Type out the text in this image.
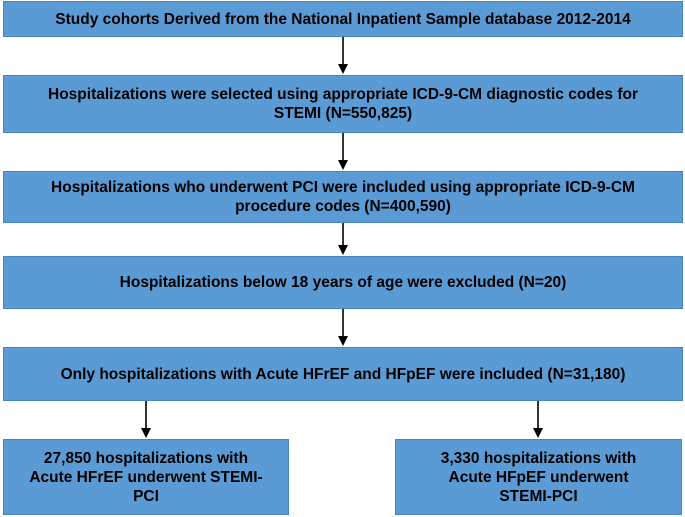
Study cohorts Derived from the National Inpatient Sample database 2012-2014
Hospitalizations were selected using appropriate ICD-9-CM diagnostic codes for STEMI (N=550,825)
Hospitalizations who underwent PCI were included using appropriate ICD-9-CM procedure codes (N=400,590)
Hospitalizations below 18 years of age were excluded (N=20)
Only hospitalizations with Acute HFrEF and HFpEF were included (N=31,180)
27,850 hospitalizations with Acute HFrEF underwent STEMI-PCI
3,330 hospitalizations with Acute HFpEF underwent STEMI-PCI
